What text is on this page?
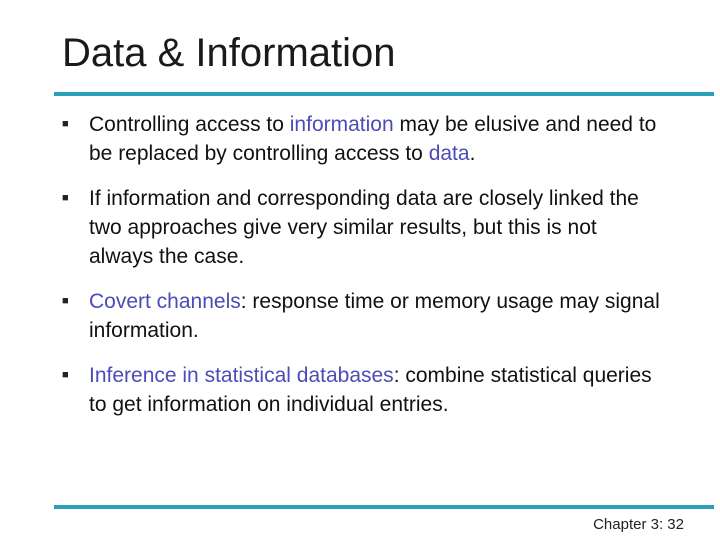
Data & Information
■ Controlling access to information may be elusive and need to be replaced by controlling access to data.
■ If information and corresponding data are closely linked the two approaches give very similar results, but this is not always the case.
■ Covert channels: response time or memory usage may signal information.
■ Inference in statistical databases: combine statistical queries to get information on individual entries.
Chapter 3: 32
